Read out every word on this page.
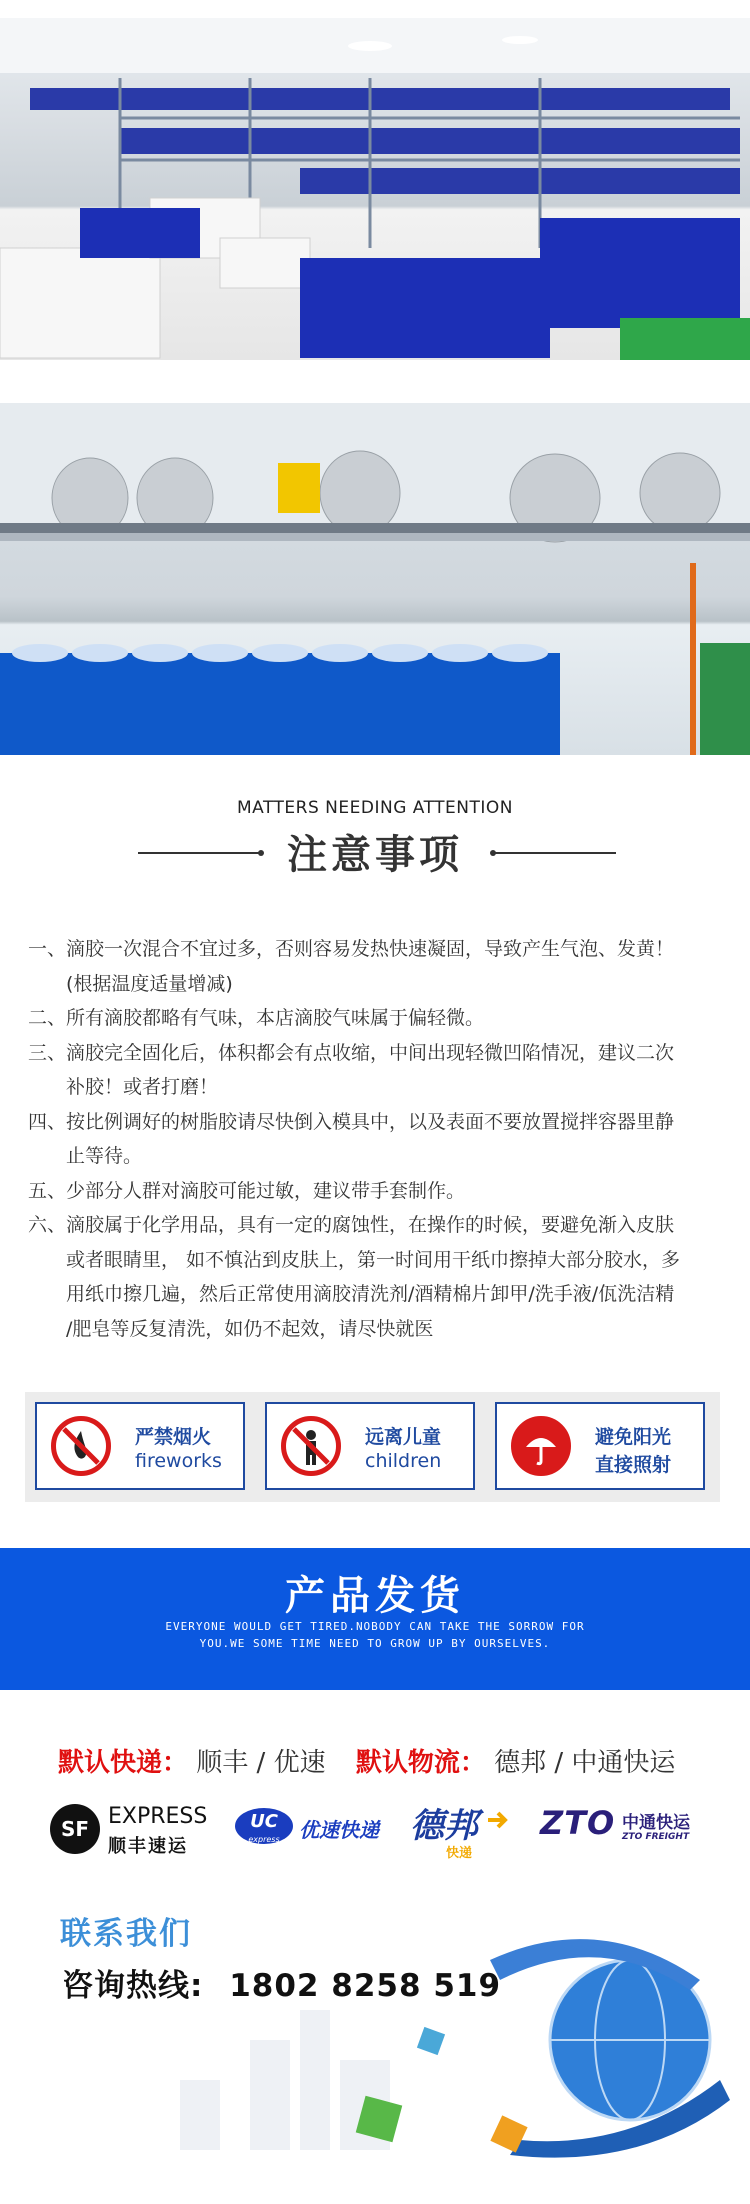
MATTERS NEEDING ATTENTION
注意事项

一、滴胶一次混合不宜过多，否则容易发热快速凝固，导致产生气泡、发黄！

(根据温度适量增减)

二、所有滴胶都略有气味，本店滴胶气味属于偏轻微。

三、滴胶完全固化后，体积都会有点收缩，中间出现轻微凹陷情况，建议二次

补胶！或者打磨！

四、按比例调好的树脂胶请尽快倒入模具中，以及表面不要放置搅拌容器里静

止等待。

五、少部分人群对滴胶可能过敏，建议带手套制作。

六、滴胶属于化学用品，具有一定的腐蚀性，在操作的时候，要避免渐入皮肤

或者眼睛里， 如不慎沾到皮肤上，第一时间用干纸巾擦掉大部分胶水，多

用纸巾擦几遍，然后正常使用滴胶清洗剂/酒精棉片卸甲/洗手液/佤洗洁精

/肥皂等反复清洗，如仍不起效，请尽快就医

严禁烟火
fireworks
远离儿童
children
避免阳光
直接照射
产品发货
EVERYONE WOULD GET TIRED.NOBODY CAN TAKE THE SORROW FOR
YOU.WE SOME TIME NEED TO GROW UP BY OURSELVES.
默认快递： 顺丰 / 优速 默认物流： 德邦 / 中通快运
SF EXPRESS
顺丰速运
UC
express 优速快递 德邦
快递
ZTO 中通快运
ZTO FREIGHT
联系我们
咨询热线: 1802 8258 519
